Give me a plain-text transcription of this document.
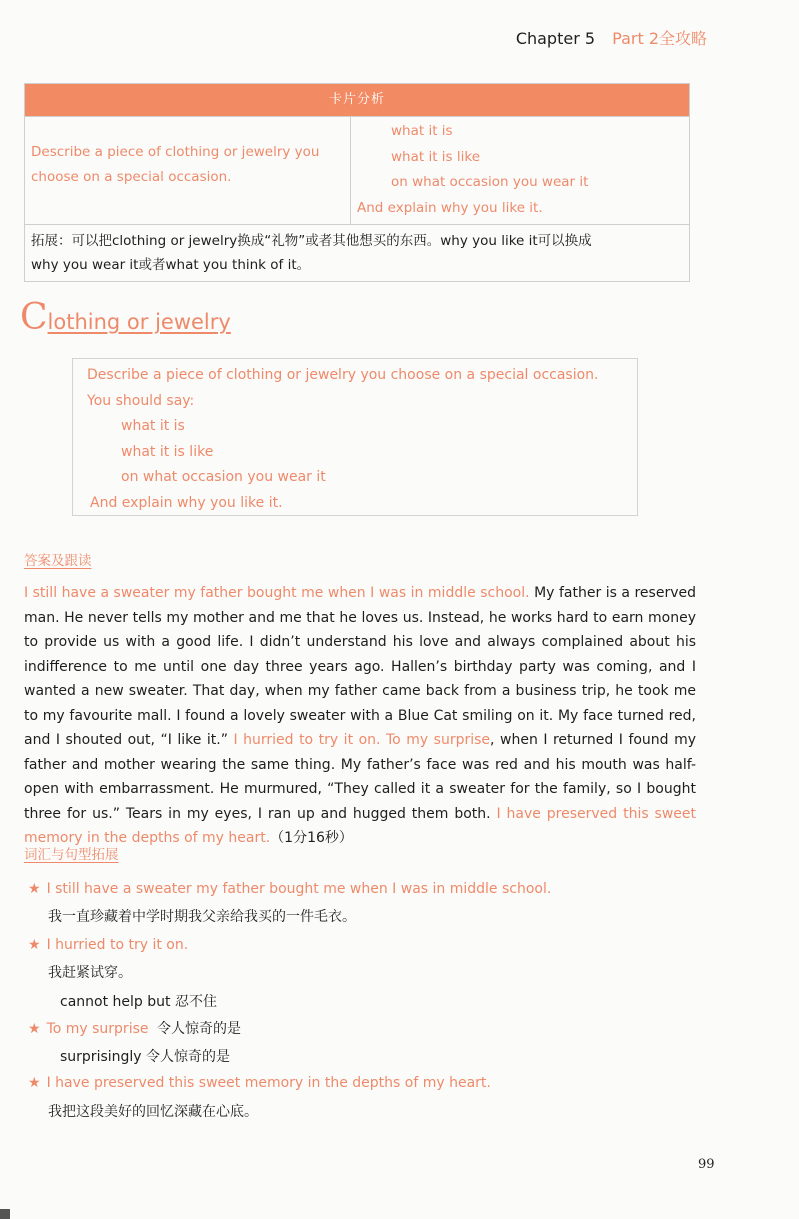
Chapter 5 Part 2全攻略
卡片分析
Describe a piece of clothing or jewelry you
choose on a special occasion.
what it is
what it is like
on what occasion you wear it
And explain why you like it.
拓展：可以把clothing or jewelry换成“礼物”或者其他想买的东西。why you like it可以换成
why you wear it或者what you think of it。
Clothing or jewelry
Describe a piece of clothing or jewelry you choose on a special occasion.
You should say:
what it is
what it is like
on what occasion you wear it
And explain why you like it.
答案及跟读
I still have a sweater my father bought me when I was in middle school. My father is a reserved man. He never tells my mother and me that he loves us. Instead, he works hard to earn money to provide us with a good life. I didn’t understand his love and always complained about his indifference to me until one day three years ago. Hallen’s birthday party was coming, and I wanted a new sweater. That day, when my father came back from a business trip, he took me to my favourite mall. I found a lovely sweater with a Blue Cat smiling on it. My face turned red, and I shouted out, “I like it.” I hurried to try it on. To my surprise, when I returned I found my father and mother wearing the same thing. My father’s face was red and his mouth was half-open with embarrassment. He murmured, “They called it a sweater for the family, so I bought three for us.” Tears in my eyes, I ran up and hugged them both. I have preserved this sweet memory in the depths of my heart.（1分16秒）
词汇与句型拓展
★ I still have a sweater my father bought me when I was in middle school.
我一直珍藏着中学时期我父亲给我买的一件毛衣。
★ I hurried to try it on.
我赶紧试穿。
cannot help but 忍不住
★ To my surprise 令人惊奇的是
surprisingly 令人惊奇的是
★ I have preserved this sweet memory in the depths of my heart.
我把这段美好的回忆深藏在心底。
99
